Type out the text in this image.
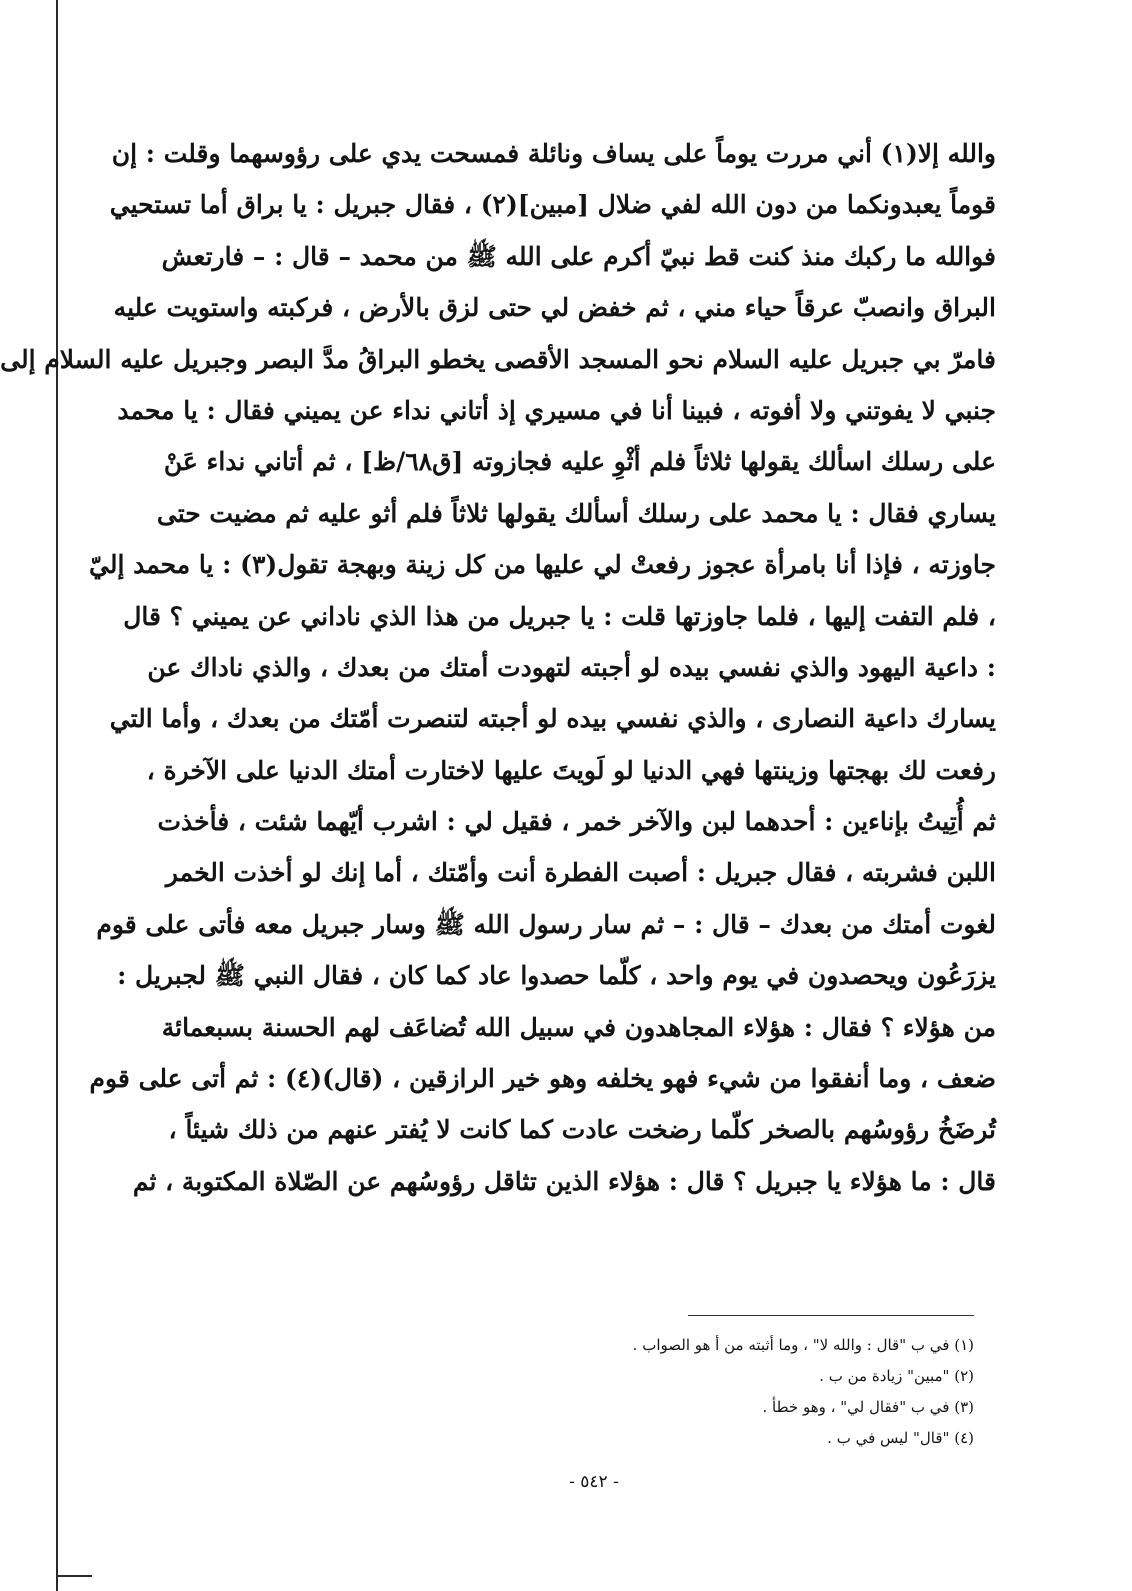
والله إلا(١) أني مررت يوماً على يساف ونائلة فمسحت يدي على رؤوسهما وقلت : إن
قوماً يعبدونكما من دون الله لفي ضلال [مبين](٢) ، فقال جبريل : يا براق أما تستحيي
فوالله ما ركبك منذ كنت قط نبيّ أكرم على الله ﷺ من محمد – قال : – فارتعش
البراق وانصبّ عرقاً حياء مني ، ثم خفض لي حتى لزق بالأرض ، فركبته واستويت عليه
فامرّ بي جبريل عليه السلام نحو المسجد الأقصى يخطو البراقُ مدَّ البصر وجبريل عليه السلام إلى
جنبي لا يفوتني ولا أفوته ، فبينا أنا في مسيري إذ أتاني نداء عن يميني فقال : يا محمد
على رسلك اسألك يقولها ثلاثاً فلم أثْوِ عليه فجازوته [ق٦٨/ظ] ، ثم أتاني نداء عَنْ
يساري فقال : يا محمد على رسلك أسألك يقولها ثلاثاً فلم أثو عليه ثم مضيت حتى
جاوزته ، فإذا أنا بامرأة عجوز رفعتْ لي عليها من كل زينة وبهجة تقول(٣) : يا محمد إليّ
، فلم التفت إليها ، فلما جاوزتها قلت : يا جبريل من هذا الذي ناداني عن يميني ؟ قال
: داعية اليهود والذي نفسي بيده لو أجبته لتهودت أمتك من بعدك ، والذي ناداك عن
يسارك داعية النصارى ، والذي نفسي بيده لو أجبته لتنصرت أمّتك من بعدك ، وأما التي
رفعت لك بهجتها وزينتها فهي الدنيا لو لَويتَ عليها لاختارت أمتك الدنيا على الآخرة ،
ثم أُتِيتُ بإناءين : أحدهما لبن والآخر خمر ، فقيل لي : اشرب أيّهما شئت ، فأخذت
اللبن فشربته ، فقال جبريل : أصبت الفطرة أنت وأمّتك ، أما إنك لو أخذت الخمر
لغوت أمتك من بعدك – قال : – ثم سار رسول الله ﷺ وسار جبريل معه فأتى على قوم
يزرَعُون ويحصدون في يوم واحد ، كلّما حصدوا عاد كما كان ، فقال النبي ﷺ لجبريل :
من هؤلاء ؟ فقال : هؤلاء المجاهدون في سبيل الله تُضاعَف لهم الحسنة بسبعمائة
ضعف ، وما أنفقوا من شيء فهو يخلفه وهو خير الرازقين ، (قال)(٤) : ثم أتى على قوم
تُرضَخُ رؤوسُهم بالصخر كلّما رضخت عادت كما كانت لا يُفتر عنهم من ذلك شيئاً ،
قال : ما هؤلاء يا جبريل ؟ قال : هؤلاء الذين تثاقل رؤوسُهم عن الصّلاة المكتوبة ، ثم
(١) في ب "قال : والله لا" ، وما أثبته من أ هو الصواب .
(٢) "مبين" زيادة من ب .
(٣) في ب "فقال لي" ، وهو خطأ .
(٤) "قال" ليس في ب .
- ٥٤٢ -
